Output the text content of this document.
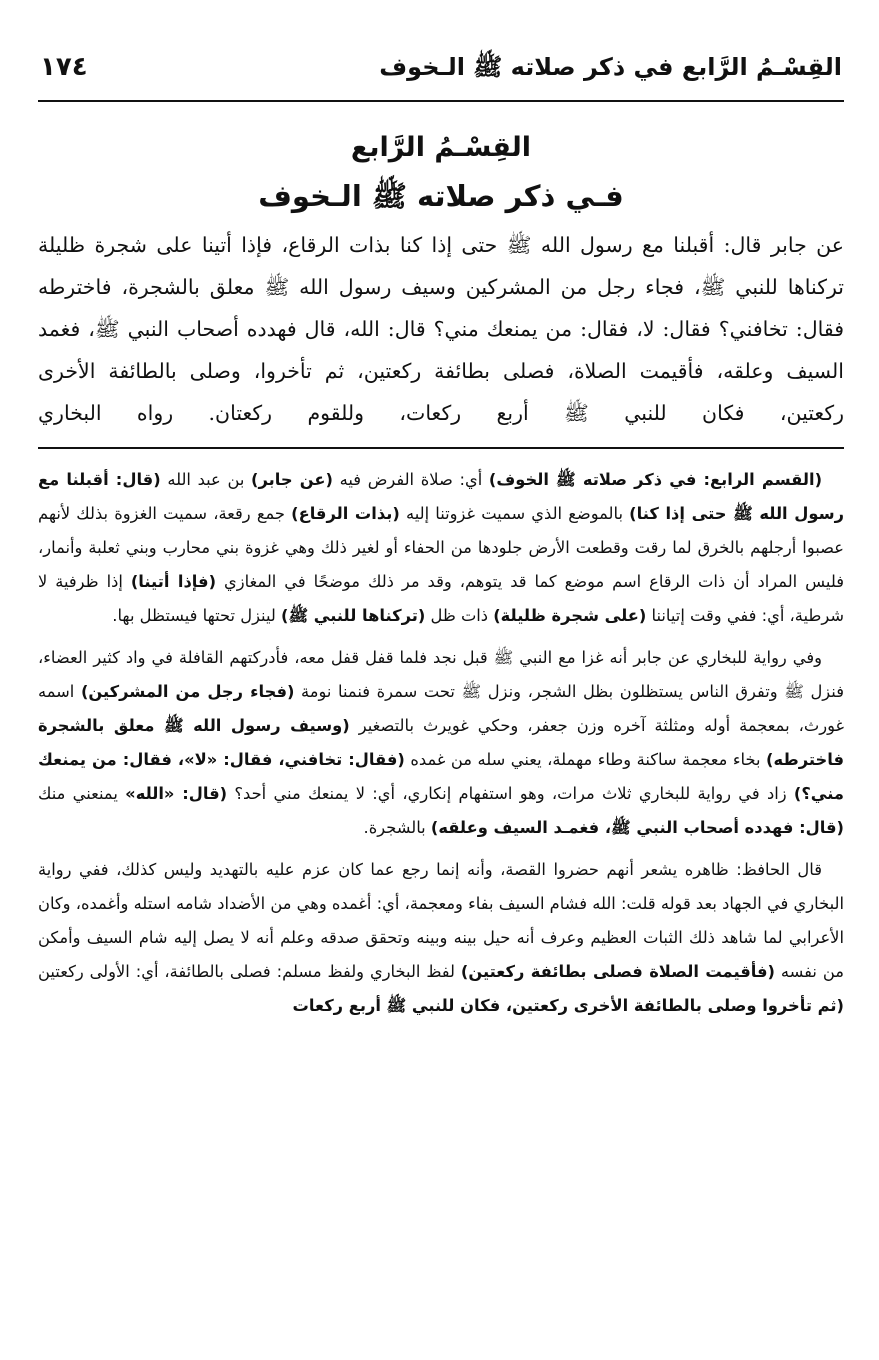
القِسْـمُ الرَّابع في ذكر صلاته ﷺ الـخوف
١٧٤
القِسْـمُ الرَّابع
فـي ذكر صلاته ﷺ الـخوف
عن جابر قال: أقبلنا مع رسول الله ﷺ حتى إذا كنا بذات الرقاع، فإذا أتينا على شجرة ظليلة تركناها للنبي ﷺ، فجاء رجل من المشركين وسيف رسول الله ﷺ معلق بالشجرة، فاخترطه فقال: تخافني؟ فقال: لا، فقال: من يمنعك مني؟ قال: الله، قال فهدده أصحاب النبي ﷺ، فغمد السيف وعلقه، فأقيمت الصلاة، فصلى بطائفة ركعتين، ثم تأخروا، وصلى بالطائفة الأخرى ركعتين، فكان للنبي ﷺ أربع ركعات، وللقوم ركعتان. رواه البخاري

(القسم الرابع: في ذكر صلاته ﷺ الخوف) أي: صلاة الفرض فيه (عن جابر) بن عبد الله (قال: أقبلنا مع رسول الله ﷺ حتى إذا كنا) بالموضع الذي سميت غزوتنا إليه (بذات الرقاع) جمع رقعة، سميت الغزوة بذلك لأنهم عصبوا أرجلهم بالخرق لما رقت وقطعت الأرض جلودها من الحفاء أو لغير ذلك وهي غزوة بني محارب وبني ثعلبة وأنمار، فليس المراد أن ذات الرقاع اسم موضع كما قد يتوهم، وقد مر ذلك موضحًا في المغازي (فإذا أتينا) إذا ظرفية لا شرطية، أي: ففي وقت إتياننا (على شجرة ظليلة) ذات ظل (تركناها للنبي ﷺ) لينزل تحتها فيستظل بها.

وفي رواية للبخاري عن جابر أنه غزا مع النبي ﷺ قبل نجد فلما قفل قفل معه، فأدركتهم القافلة في واد كثير العضاء، فنزل ﷺ وتفرق الناس يستظلون بظل الشجر، ونزل ﷺ تحت سمرة فنمنا نومة (فجاء رجل من المشركين) اسمه غورث، بمعجمة أوله ومثلثة آخره وزن جعفر، وحكي غويرث بالتصغير (وسيف رسول الله ﷺ معلق بالشجرة فاخترطه) بخاء معجمة ساكنة وطاء مهملة، يعني سله من غمده (فقال: تخافني، فقال: «لا»، فقال: من يمنعك مني؟) زاد في رواية للبخاري ثلاث مرات، وهو استفهام إنكاري، أي: لا يمنعك مني أحد؟ (قال: «الله» يمنعني منك (قال: فهدده أصحاب النبي ﷺ، فغمـد السيف وعلقه) بالشجرة.

قال الحافظ: ظاهره يشعر أنهم حضروا القصة، وأنه إنما رجع عما كان عزم عليه بالتهديد وليس كذلك، ففي رواية البخاري في الجهاد بعد قوله قلت: الله فشام السيف بفاء ومعجمة، أي: أغمده وهي من الأضداد شامه استله وأغمده، وكان الأعرابي لما شاهد ذلك الثبات العظيم وعرف أنه حيل بينه وبينه وتحقق صدقه وعلم أنه لا يصل إليه شام السيف وأمكن من نفسه (فأقيمت الصلاة فصلى بطائفة ركعتين) لفظ البخاري ولفظ مسلم: فصلى بالطائفة، أي: الأولى ركعتين (ثم تأخروا وصلى بالطائفة الأخرى ركعتين، فكان للنبي ﷺ أربع ركعات
